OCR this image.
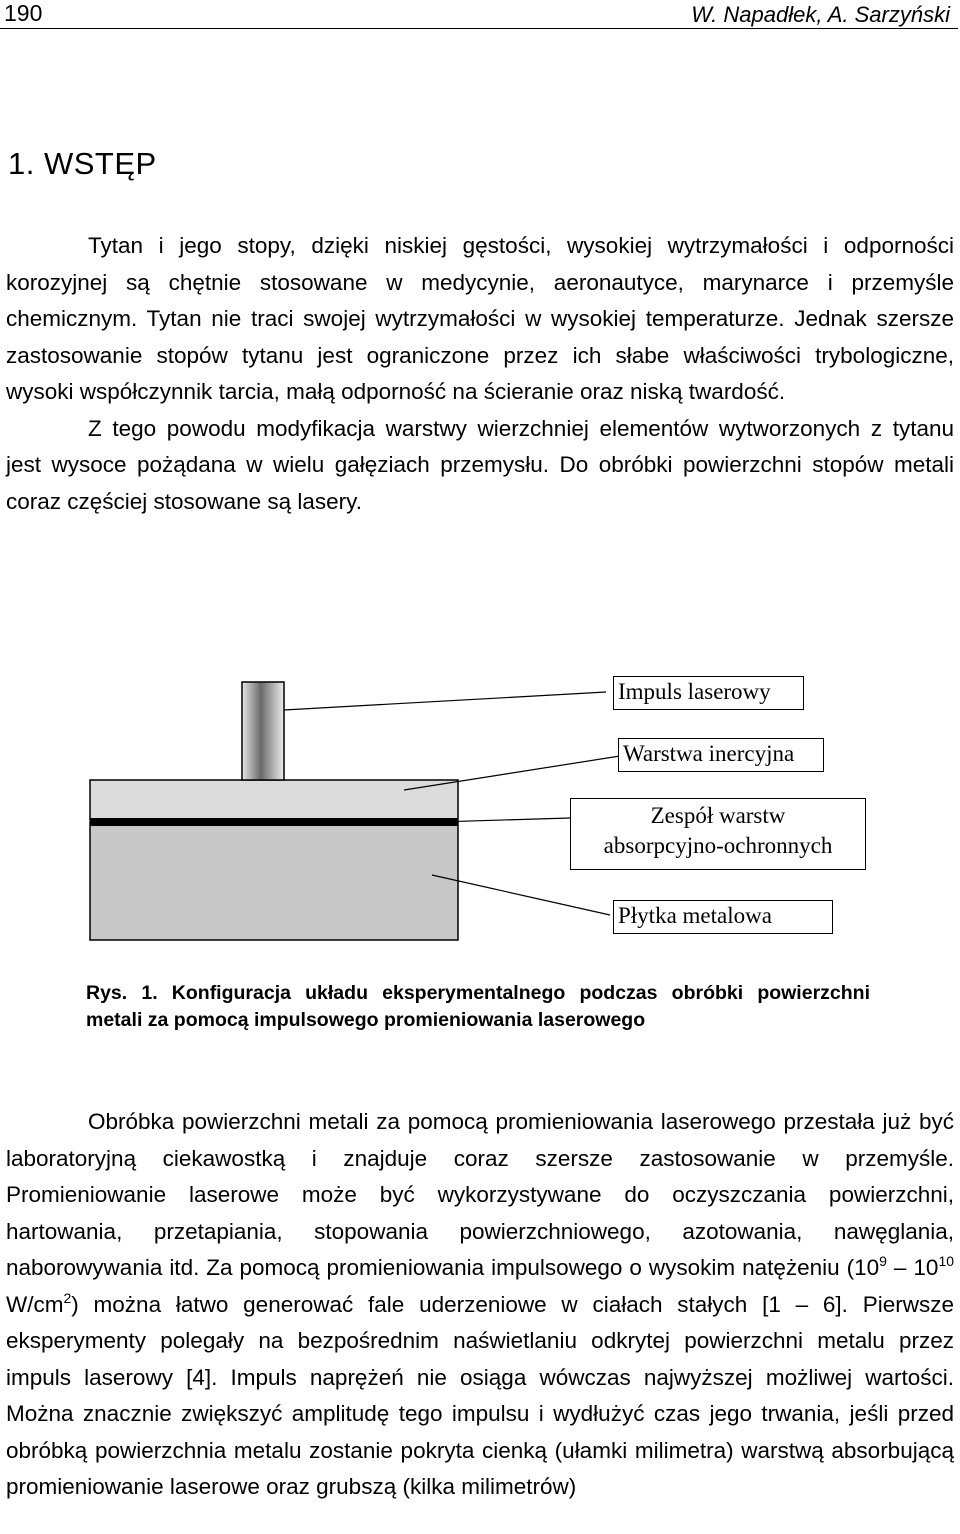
190	W. Napadłek, A. Sarzyński
1. WSTĘP

Tytan i jego stopy, dzięki niskiej gęstości, wysokiej wytrzymałości i odporności korozyjnej są chętnie stosowane w medycynie, aeronautyce, marynarce i przemyśle chemicznym. Tytan nie traci swojej wytrzymałości w wysokiej temperaturze. Jednak szersze zastosowanie stopów tytanu jest ograniczone przez ich słabe właściwości trybologiczne, wysoki współczynnik tarcia, małą odporność na ścieranie oraz niską twardość.

Z tego powodu modyfikacja warstwy wierzchniej elementów wytworzonych z tytanu jest wysoce pożądana w wielu gałęziach przemysłu. Do obróbki powierzchni stopów metali coraz częściej stosowane są lasery.

Impuls laserowy
Warstwa inercyjna
Zespół warstw
absorpcyjno-ochronnych
Płytka metalowa
Rys. 1. Konfiguracja układu eksperymentalnego podczas obróbki powierzchni metali za pomocą impulsowego promieniowania laserowego

Obróbka powierzchni metali za pomocą promieniowania laserowego przestała już być laboratoryjną ciekawostką i znajduje coraz szersze zastosowanie w przemyśle. Promieniowanie laserowe może być wykorzystywane do oczyszczania powierzchni, hartowania, przetapiania, stopowania powierzchniowego, azotowania, nawęglania, naborowywania itd. Za pomocą promieniowania impulsowego o wysokim natężeniu ($10^9 - 10^{10}$ $W/cm^2$) można łatwo generować fale uderzeniowe w ciałach stałych [1 – 6]. Pierwsze eksperymenty polegały na bezpośrednim naświetlaniu odkrytej powierzchni metalu przez impuls laserowy [4]. Impuls naprężeń nie osiąga wówczas najwyższej możliwej wartości. Można znacznie zwiększyć amplitudę tego impulsu i wydłużyć czas jego trwania, jeśli przed obróbką powierzchnia metalu zostanie pokryta cienką (ułamki milimetra) warstwą absorbującą promieniowanie laserowe oraz grubszą (kilka milimetrów)
